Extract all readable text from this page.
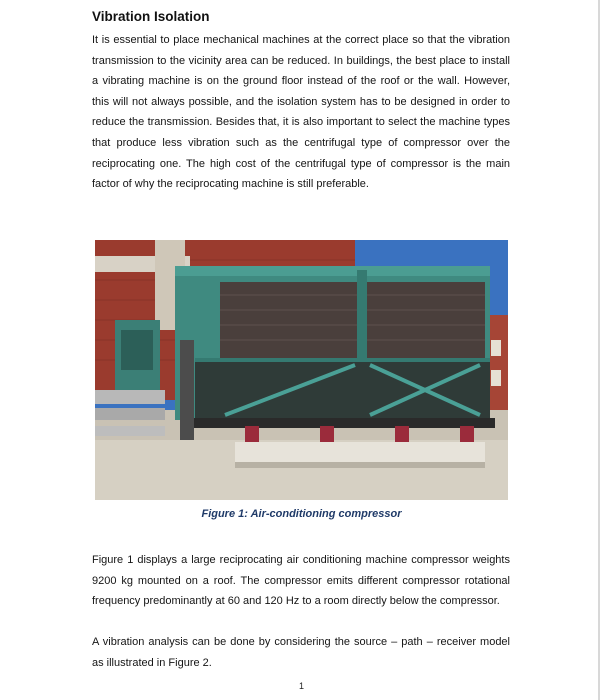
Vibration Isolation
It is essential to place mechanical machines at the correct place so that the vibration transmission to the vicinity area can be reduced. In buildings, the best place to install a vibrating machine is on the ground floor instead of the roof or the wall. However, this will not always possible, and the isolation system has to be designed in order to reduce the transmission. Besides that, it is also important to select the machine types that produce less vibration such as the centrifugal type of compressor over the reciprocating one. The high cost of the centrifugal type of compressor is the main factor of why the reciprocating machine is still preferable.
Figure 1: Air-conditioning compressor
Figure 1 displays a large reciprocating air conditioning machine compressor weights 9200 kg mounted on a roof. The compressor emits different compressor rotational frequency predominantly at 60 and 120 Hz to a room directly below the compressor.
A vibration analysis can be done by considering the source – path – receiver model as illustrated in Figure 2.
1
